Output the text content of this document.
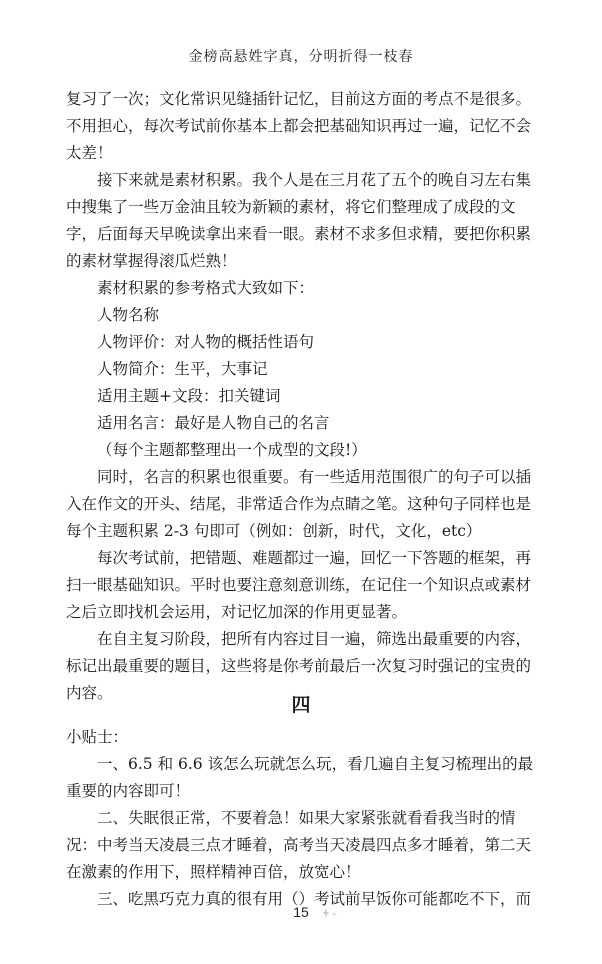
金榜高悬姓字真，分明折得一枝春

复习了一次；文化常识见缝插针记忆，目前这方面的考点不是很多。不用担心，每次考试前你基本上都会把基础知识再过一遍，记忆不会太差！

接下来就是素材积累。我个人是在三月花了五个的晚自习左右集中搜集了一些万金油且较为新颖的素材，将它们整理成了成段的文字，后面每天早晚读拿出来看一眼。素材不求多但求精，要把你积累的素材掌握得滚瓜烂熟！

素材积累的参考格式大致如下：

人物名称

人物评价：对人物的概括性语句

人物简介：生平，大事记

适用主题+文段：扣关键词

适用名言：最好是人物自己的名言

（每个主题都整理出一个成型的文段!）

同时，名言的积累也很重要。有一些适用范围很广的句子可以插入在作文的开头、结尾，非常适合作为点睛之笔。这种句子同样也是每个主题积累 2-3 句即可（例如：创新，时代，文化，etc）

每次考试前，把错题、难题都过一遍，回忆一下答题的框架，再扫一眼基础知识。平时也要注意刻意训练，在记住一个知识点或素材之后立即找机会运用，对记忆加深的作用更显著。

在自主复习阶段，把所有内容过目一遍，筛选出最重要的内容，标记出最重要的题目，这些将是你考前最后一次复习时强记的宝贵的内容。

四

小贴士：

一、6.5 和 6.6 该怎么玩就怎么玩，看几遍自主复习梳理出的最重要的内容即可！

二、失眠很正常，不要着急！如果大家紧张就看看我当时的情况：中考当天凌晨三点才睡着，高考当天凌晨四点多才睡着，第二天在激素的作用下，照样精神百倍，放宽心！

三、吃黑巧克力真的很有用（）考试前早饭你可能都吃不下，而

15
